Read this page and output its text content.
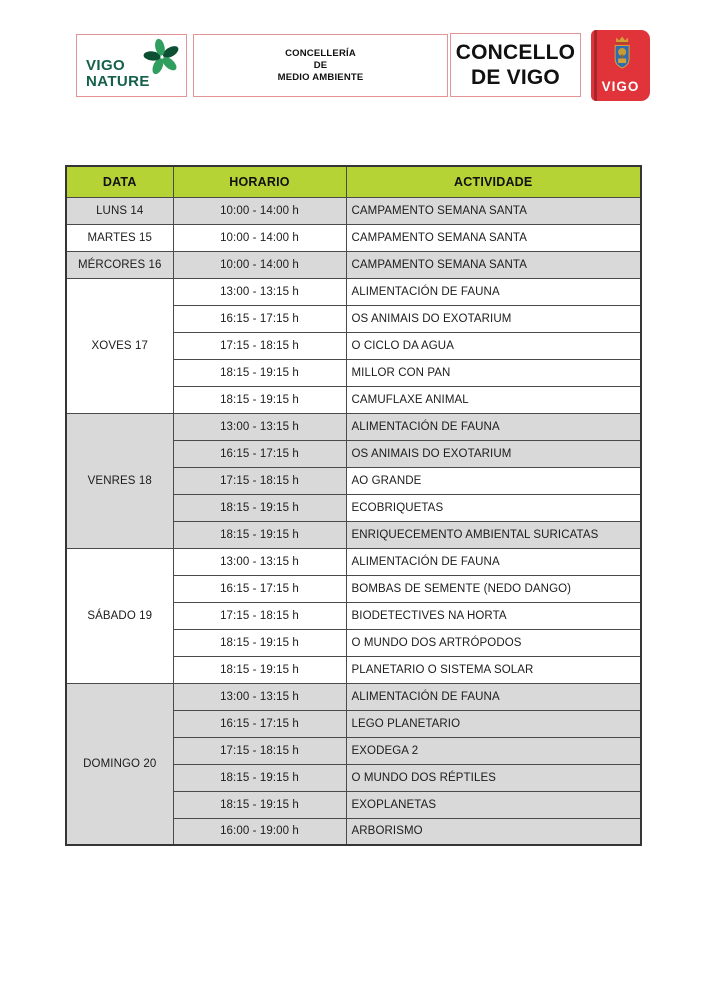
VIGO
NATURE
CONCELLERÍA
DE
MEDIO AMBIENTE
CONCELLO
DE VIGO	VIGO
DATA	HORARIO	ACTIVIDADE
LUNS 14	10:00 - 14:00 h	CAMPAMENTO SEMANA SANTA
MARTES 15	10:00 - 14:00 h	CAMPAMENTO SEMANA SANTA
MÉRCORES 16	10:00 - 14:00 h	CAMPAMENTO SEMANA SANTA
XOVES 17	13:00 - 13:15 h	ALIMENTACIÓN DE FAUNA
	16:15 - 17:15 h	OS ANIMAIS DO EXOTARIUM
	17:15 - 18:15 h	O CICLO DA AGUA
	18:15 - 19:15 h	MILLOR CON PAN
	18:15 - 19:15 h	CAMUFLAXE ANIMAL
VENRES 18	13:00 - 13:15 h	ALIMENTACIÓN DE FAUNA
	16:15 - 17:15 h	OS ANIMAIS DO EXOTARIUM
	17:15 - 18:15 h	AO GRANDE
	18:15 - 19:15 h	ECOBRIQUETAS
	18:15 - 19:15 h	ENRIQUECEMENTO AMBIENTAL SURICATAS
SÁBADO 19	13:00 - 13:15 h	ALIMENTACIÓN DE FAUNA
	16:15 - 17:15 h	BOMBAS DE SEMENTE (NEDO DANGO)
	17:15 - 18:15 h	BIODETECTIVES NA HORTA
	18:15 - 19:15 h	O MUNDO DOS ARTRÓPODOS
	18:15 - 19:15 h	PLANETARIO O SISTEMA SOLAR
DOMINGO 20	13:00 - 13:15 h	ALIMENTACIÓN DE FAUNA
	16:15 - 17:15 h	LEGO PLANETARIO
	17:15 - 18:15 h	EXODEGA 2
	18:15 - 19:15 h	O MUNDO DOS RÉPTILES
	18:15 - 19:15 h	EXOPLANETAS
	16:00 - 19:00 h	ARBORISMO
